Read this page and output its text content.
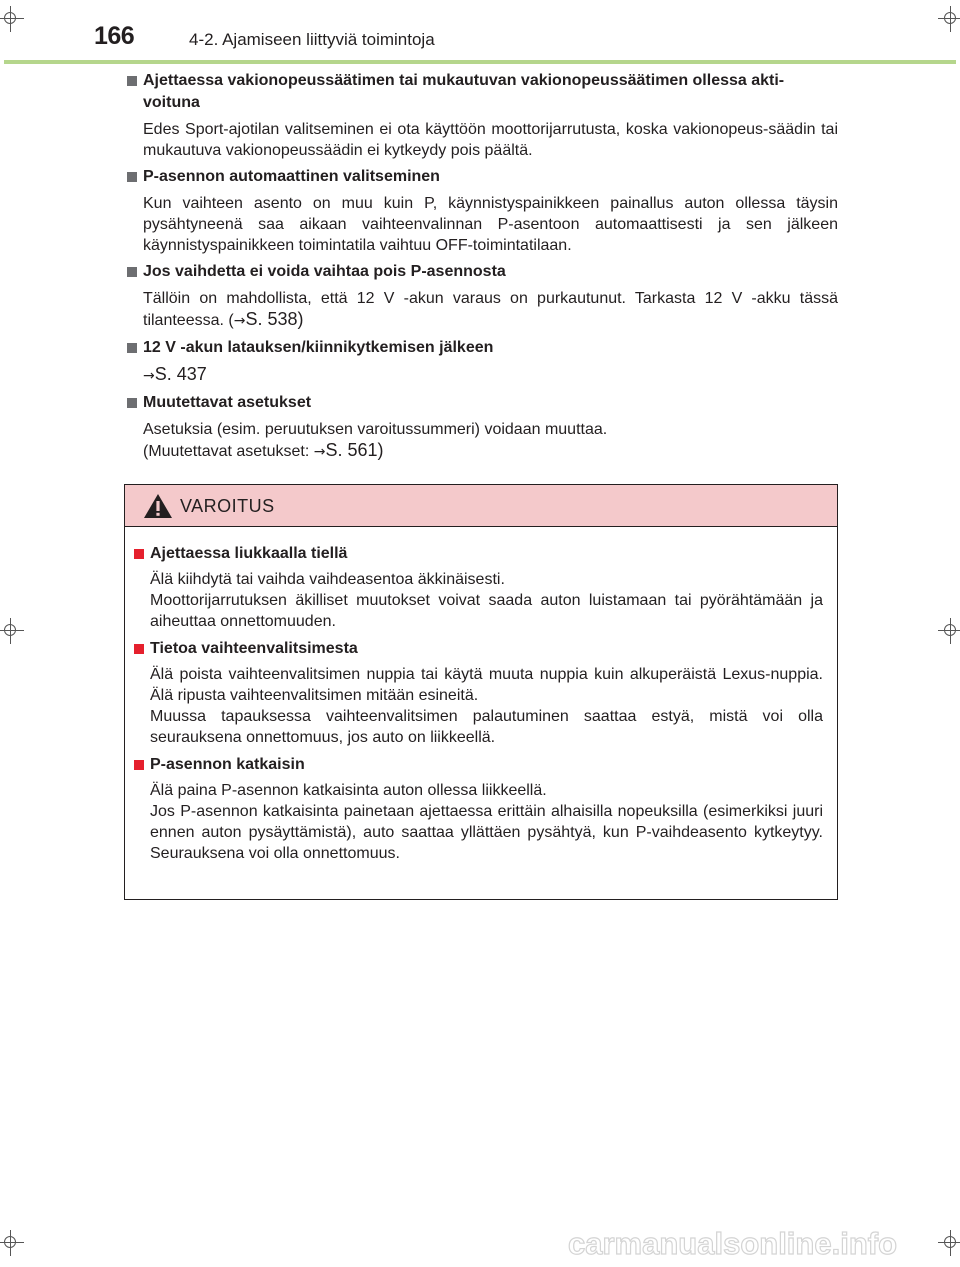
166	4-2. Ajamiseen liittyviä toimintoja
Ajettaessa vakionopeussäätimen tai mukautuvan vakionopeussäätimen ollessa akti-voituna

Edes Sport-ajotilan valitseminen ei ota käyttöön moottorijarrutusta, koska vakionopeus-säädin tai mukautuva vakionopeussäädin ei kytkeydy pois päältä.

P-asennon automaattinen valitseminen

Kun vaihteen asento on muu kuin P, käynnistyspainikkeen painallus auton ollessa täysin pysähtyneenä saa aikaan vaihteenvalinnan P-asentoon automaattisesti ja sen jälkeen käynnistyspainikkeen toimintatila vaihtuu OFF-toimintatilaan.

Jos vaihdetta ei voida vaihtaa pois P-asennosta

Tällöin on mahdollista, että 12 V -akun varaus on purkautunut. Tarkasta 12 V -akku tässä tilanteessa. (→S. 538)

12 V -akun latauksen/kiinnikytkemisen jälkeen

→S. 437

Muutettavat asetukset

Asetuksia (esim. peruutuksen varoitussummeri) voidaan muuttaa.

(Muutettavat asetukset: →S. 561)

VAROITUS
Ajettaessa liukkaalla tiellä

Älä kiihdytä tai vaihda vaihdeasentoa äkkinäisesti.

Moottorijarrutuksen äkilliset muutokset voivat saada auton luistamaan tai pyörähtämään ja aiheuttaa onnettomuuden.

Tietoa vaihteenvalitsimesta

Älä poista vaihteenvalitsimen nuppia tai käytä muuta nuppia kuin alkuperäistä Lexus-nuppia. Älä ripusta vaihteenvalitsimen mitään esineitä.

Muussa tapauksessa vaihteenvalitsimen palautuminen saattaa estyä, mistä voi olla seurauksena onnettomuus, jos auto on liikkeellä.

P-asennon katkaisin

Älä paina P-asennon katkaisinta auton ollessa liikkeellä.

Jos P-asennon katkaisinta painetaan ajettaessa erittäin alhaisilla nopeuksilla (esimerkiksi juuri ennen auton pysäyttämistä), auto saattaa yllättäen pysähtyä, kun P-vaihdeasento kytkeytyy. Seurauksena voi olla onnettomuus.

carmanualsonline.info
